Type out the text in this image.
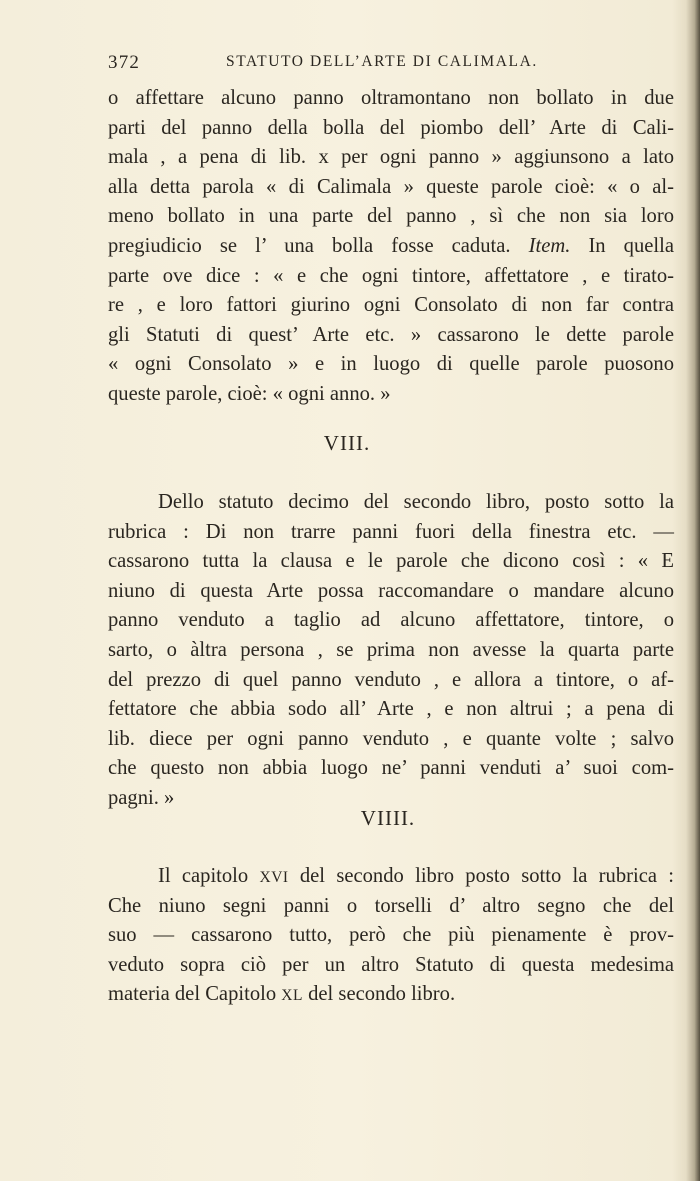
372	STATUTO DELL’ARTE DI CALIMALA.
o affettare alcuno panno oltramontano non bollato in due
parti del panno della bolla del piombo dell’ Arte di Cali-
mala , a pena di lib. x per ogni panno » aggiunsono a lato
alla detta parola « di Calimala » queste parole cioè: « o al-
meno bollato in una parte del panno , sì che non sia loro
pregiudicio se l’ una bolla fosse caduta. Item. In quella
parte ove dice : « e che ogni tintore, affettatore , e tirato-
re , e loro fattori giurino ogni Consolato di non far contra
gli Statuti di quest’ Arte etc. » cassarono le dette parole
« ogni Consolato » e in luogo di quelle parole puosono
queste parole, cioè: « ogni anno. »
VIII.
Dello statuto decimo del secondo libro, posto sotto la
rubrica : Di non trarre panni fuori della finestra etc. —
cassarono tutta la clausa e le parole che dicono così : « E
niuno di questa Arte possa raccomandare o mandare alcuno
panno venduto a taglio ad alcuno affettatore, tintore, o
sarto, o àltra persona , se prima non avesse la quarta parte
del prezzo di quel panno venduto , e allora a tintore, o af-
fettatore che abbia sodo all’ Arte , e non altrui ; a pena di
lib. diece per ogni panno venduto , e quante volte ; salvo
che questo non abbia luogo ne’ panni venduti a’ suoi com-
pagni. »
VIIII.
Il capitolo XVI del secondo libro posto sotto la rubrica :
Che niuno segni panni o torselli d’ altro segno che del
suo — cassarono tutto, però che più pienamente è prov-
veduto sopra ciò per un altro Statuto di questa medesima
materia del Capitolo XL del secondo libro.
